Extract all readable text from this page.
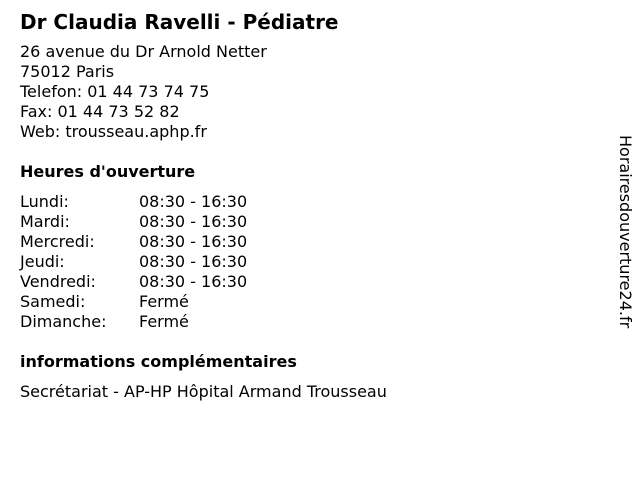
Dr Claudia Ravelli - Pédiatre
26 avenue du Dr Arnold Netter
75012 Paris
Telefon: 01 44 73 74 75
Fax: 01 44 73 52 82
Web: trousseau.aphp.fr
Heures d'ouverture
Lundi:	08:30 - 16:30
Mardi:	08:30 - 16:30
Mercredi:	08:30 - 16:30
Jeudi:	08:30 - 16:30
Vendredi:	08:30 - 16:30
Samedi:	Fermé
Dimanche:	Fermé
informations complémentaires
Secrétariat - AP-HP Hôpital Armand Trousseau
Horairesdouverture24.fr
